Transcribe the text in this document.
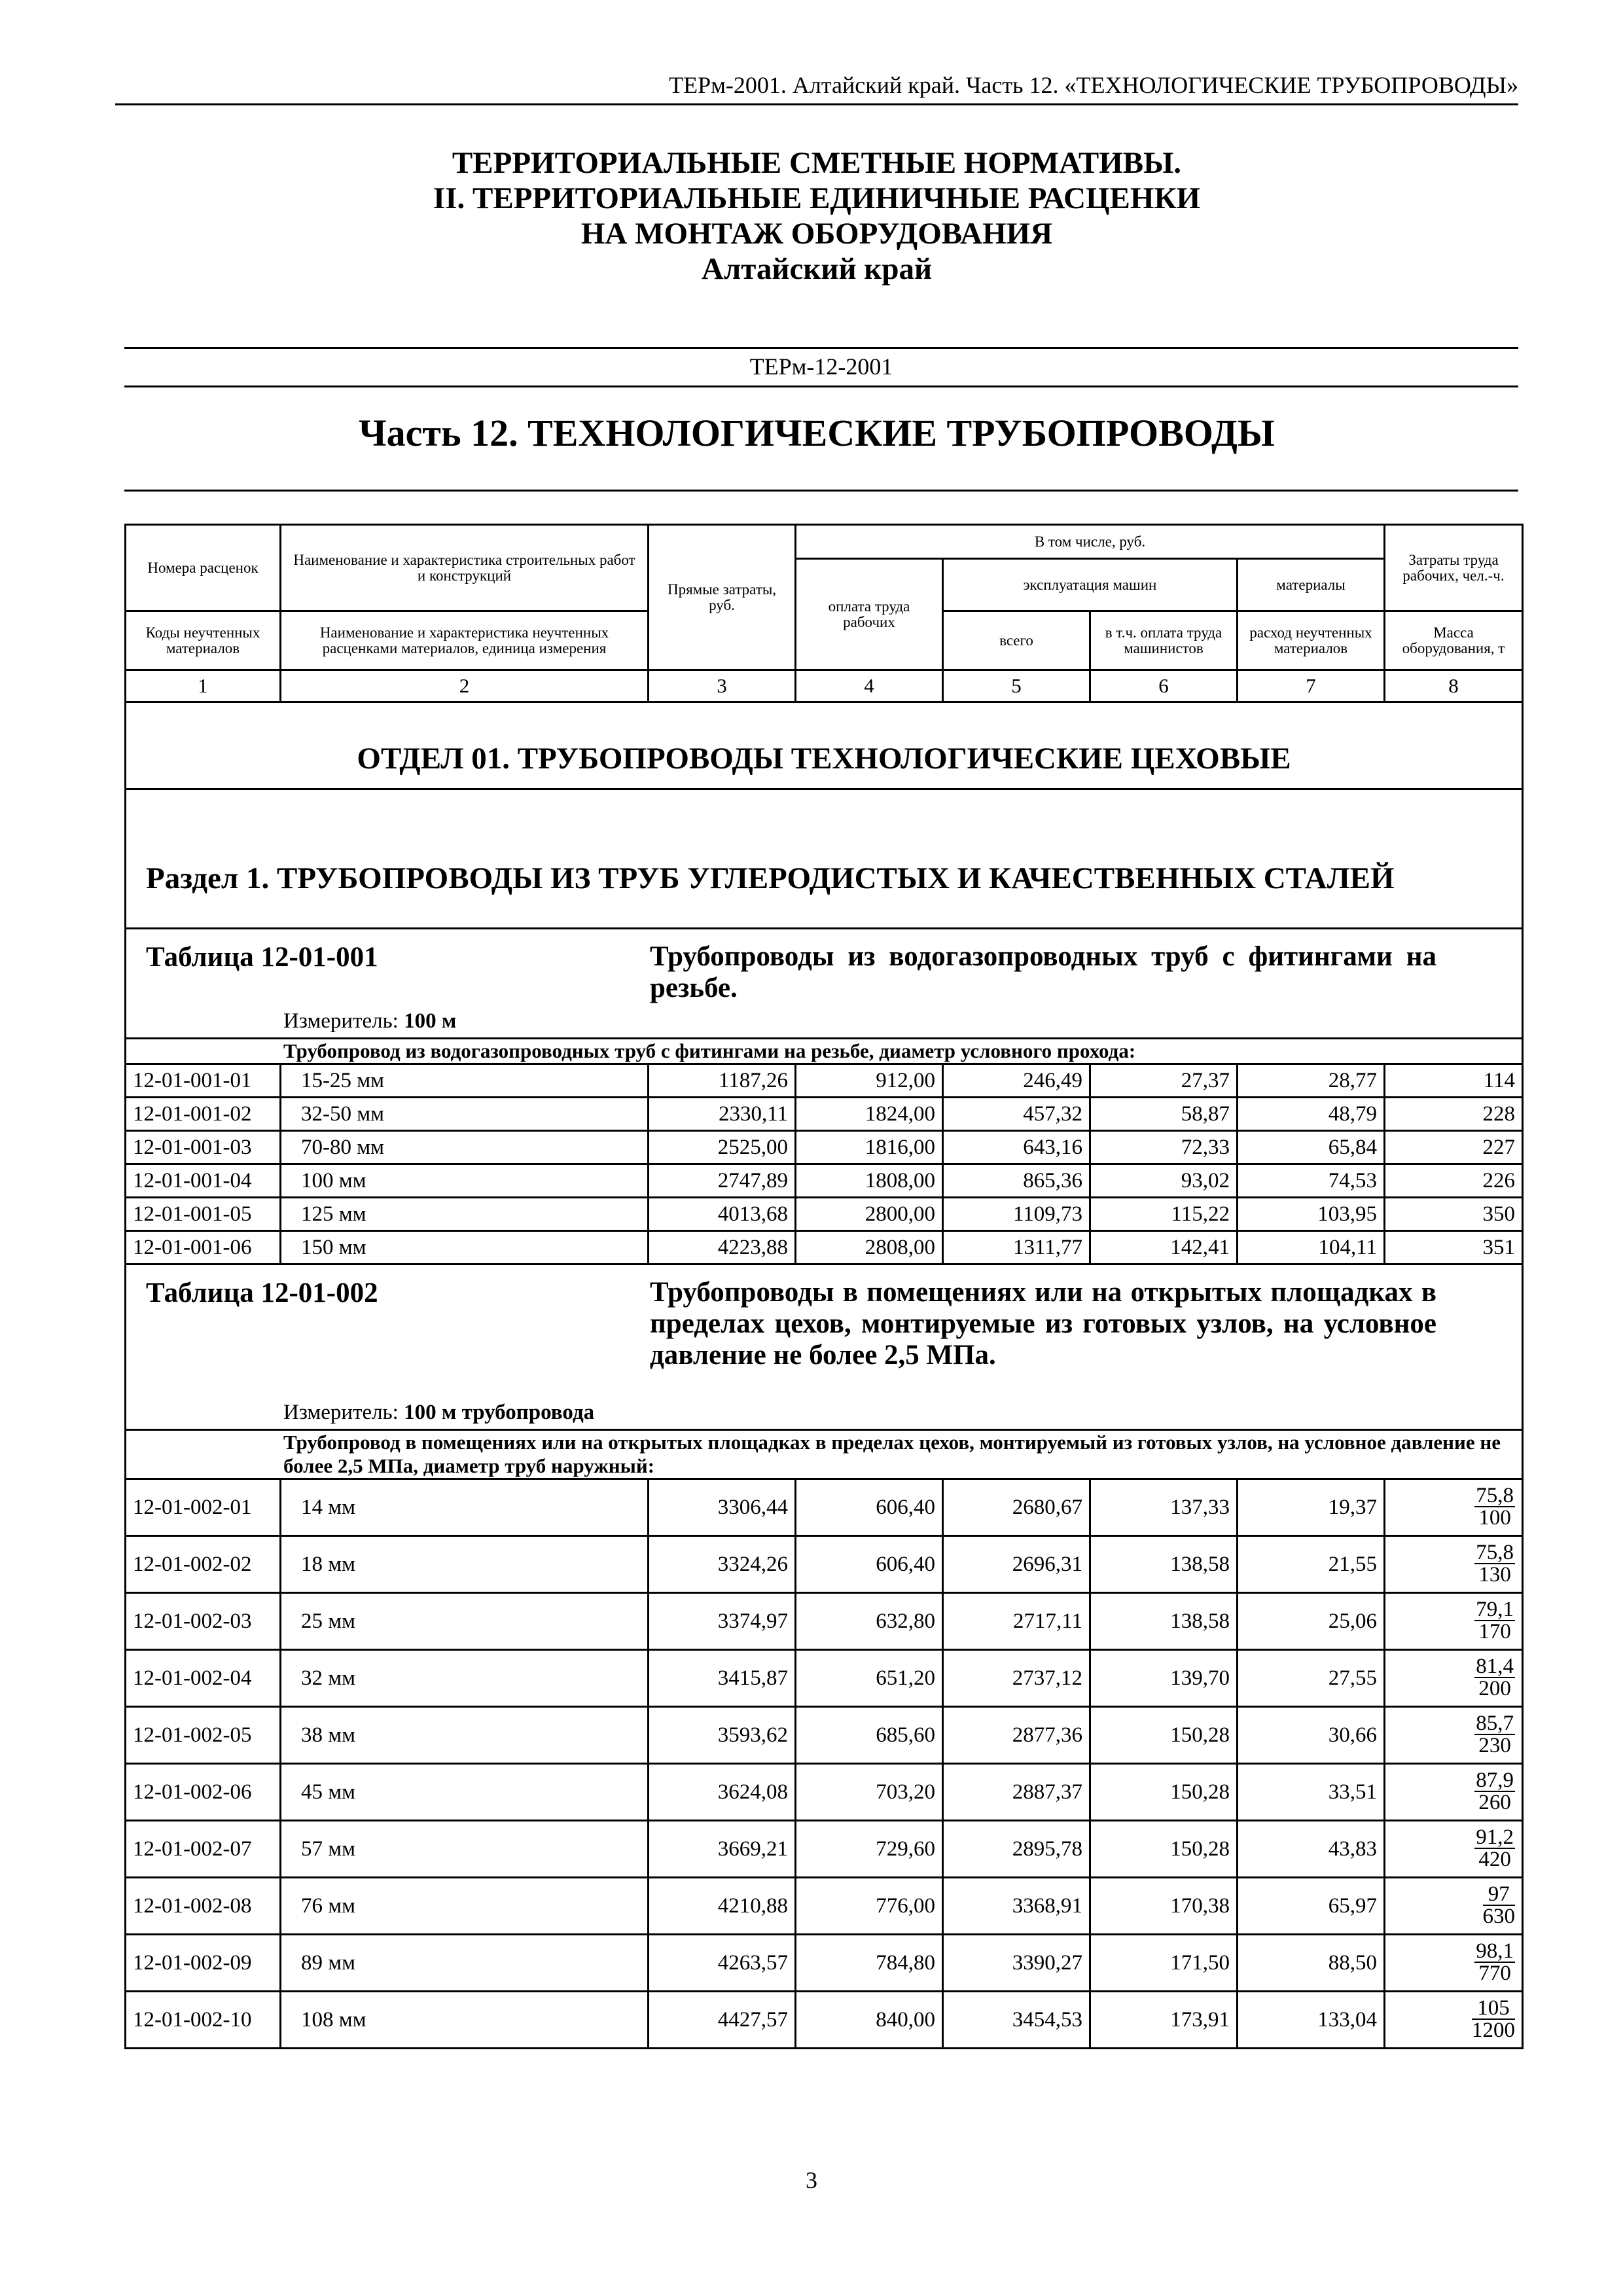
ТЕРм-2001. Алтайский край. Часть 12. «ТЕХНОЛОГИЧЕСКИЕ ТРУБОПРОВОДЫ»
ТЕРРИТОРИАЛЬНЫЕ СМЕТНЫЕ НОРМАТИВЫ.
II. ТЕРРИТОРИАЛЬНЫЕ ЕДИНИЧНЫЕ РАСЦЕНКИ
НА МОНТАЖ ОБОРУДОВАНИЯ
Алтайский край
ТЕРм-12-2001
Часть 12. ТЕХНОЛОГИЧЕСКИЕ ТРУБОПРОВОДЫ
Номера расценок	Наименование и характеристика строительных работ и конструкций	Прямые затраты, руб.	В том числе, руб.				Затраты труда рабочих, чел.-ч.
			оплата труда рабочих	эксплуатация машин		материалы	
Коды неучтенных материалов	Наименование и характеристика неучтенных расценками материалов, единица измерения			всего	в т.ч. оплата труда машинистов	расход неучтенных материалов	Масса оборудования, т
1	2	3	4	5	6	7	8
ОТДЕЛ 01. ТРУБОПРОВОДЫ ТЕХНОЛОГИЧЕСКИЕ ЦЕХОВЫЕ							
Раздел 1. ТРУБОПРОВОДЫ ИЗ ТРУБ УГЛЕРОДИСТЫХ И КАЧЕСТВЕННЫХ СТАЛЕЙ							

Таблица 12-01-001 Трубопроводы из водогазопроводных труб с фитингами на резьбе.
Измеритель: 100 м							

Трубопровод из водогазопроводных труб с фитингами на резьбе, диаметр условного прохода:							
12-01-001-01	15-25 мм	1187,26	912,00	246,49	27,37	28,77	114
12-01-001-02	32-50 мм	2330,11	1824,00	457,32	58,87	48,79	228
12-01-001-03	70-80 мм	2525,00	1816,00	643,16	72,33	65,84	227
12-01-001-04	100 мм	2747,89	1808,00	865,36	93,02	74,53	226
12-01-001-05	125 мм	4013,68	2800,00	1109,73	115,22	103,95	350
12-01-001-06	150 мм	4223,88	2808,00	1311,77	142,41	104,11	351

Таблица 12-01-002 Трубопроводы в помещениях или на открытых площадках в пределах цехов, монтируемые из готовых узлов, на условное давление не более 2,5 МПа.
Измеритель: 100 м трубопровода							

Трубопровод в помещениях или на открытых площадках в пределах цехов, монтируемый из готовых узлов, на условное давление не более 2,5 МПа, диаметр труб наружный:							
12-01-002-01	14 мм	3306,44	606,40	2680,67	137,33	19,37	$\frac{75,8}{100}$

12-01-002-02	18 мм	3324,26	606,40	2696,31	138,58	21,55	$\frac{75,8}{130}$

12-01-002-03	25 мм	3374,97	632,80	2717,11	138,58	25,06	$\frac{79,1}{170}$

12-01-002-04	32 мм	3415,87	651,20	2737,12	139,70	27,55	$\frac{81,4}{200}$

12-01-002-05	38 мм	3593,62	685,60	2877,36	150,28	30,66	$\frac{85,7}{230}$

12-01-002-06	45 мм	3624,08	703,20	2887,37	150,28	33,51	$\frac{87,9}{260}$

12-01-002-07	57 мм	3669,21	729,60	2895,78	150,28	43,83	$\frac{91,2}{420}$

12-01-002-08	76 мм	4210,88	776,00	3368,91	170,38	65,97	$\frac{97}{630}$

12-01-002-09	89 мм	4263,57	784,80	3390,27	171,50	88,50	$\frac{98,1}{770}$

12-01-002-10	108 мм	4427,57	840,00	3454,53	173,91	133,04	$\frac{105}{1200}$
3
